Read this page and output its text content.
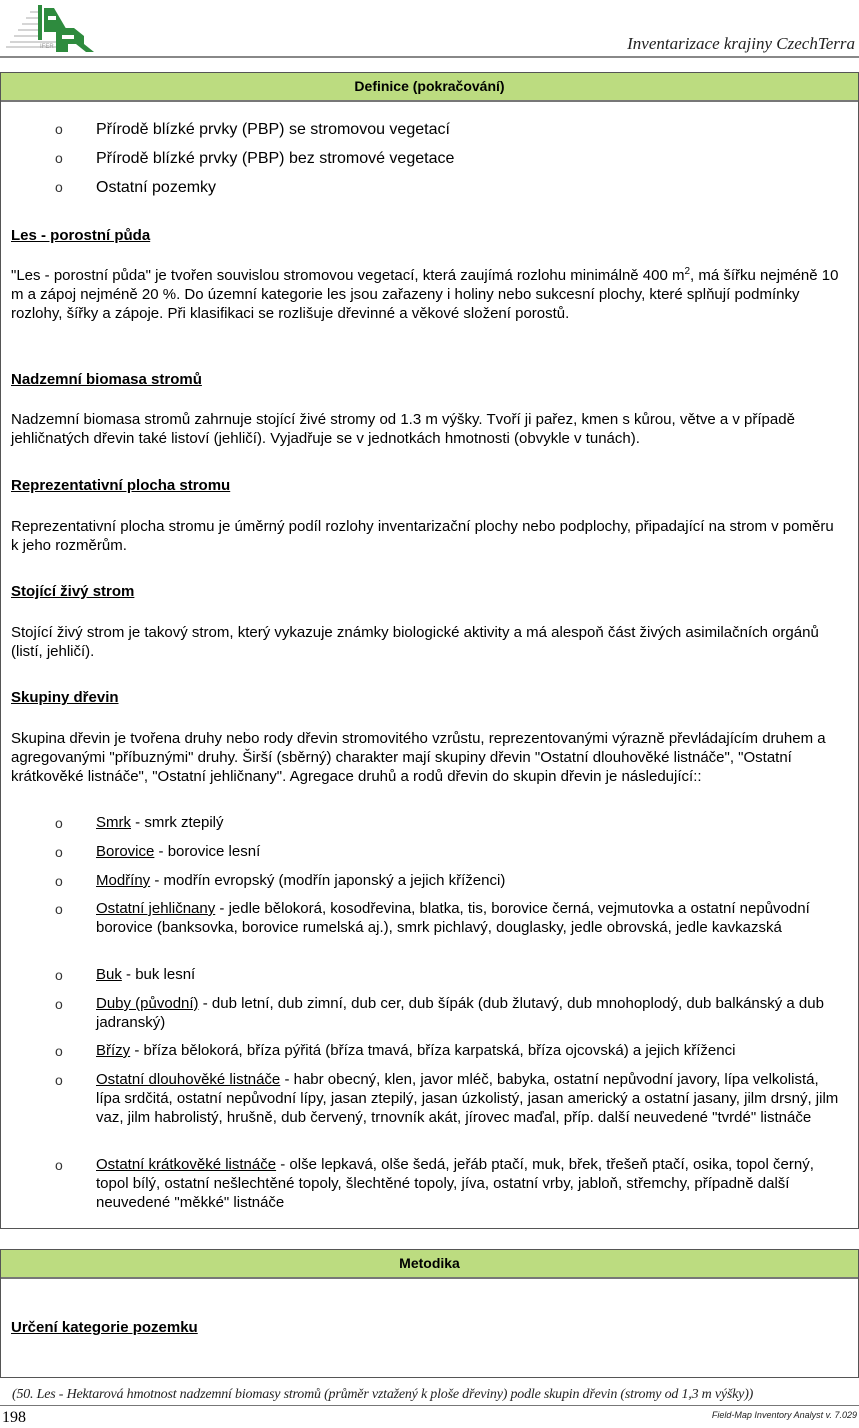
IFER	Inventarizace krajiny CzechTerra
Definice (pokračování)
o Přírodě blízké prvky (PBP) se stromovou vegetací
o Přírodě blízké prvky (PBP) bez stromové vegetace
o Ostatní pozemky
Les - porostní půda
"Les - porostní půda" je tvořen souvislou stromovou vegetací, která zaujímá rozlohu minimálně 400 $m^2$, má šířku nejméně 10 m a zápoj nejméně 20 %. Do územní kategorie les jsou zařazeny i holiny nebo sukcesní plochy, které splňují podmínky rozlohy, šířky a zápoje. Při klasifikaci se rozlišuje dřevinné a věkové složení porostů.
Nadzemní biomasa stromů
Nadzemní biomasa stromů zahrnuje stojící živé stromy od 1.3 m výšky. Tvoří ji pařez, kmen s kůrou, větve a v případě jehličnatých dřevin také listoví (jehličí). Vyjadřuje se v jednotkách hmotnosti (obvykle v tunách).
Reprezentativní plocha stromu
Reprezentativní plocha stromu je úměrný podíl rozlohy inventarizační plochy nebo podplochy, připadající na strom v poměru k jeho rozměrům.
Stojící živý strom
Stojící živý strom je takový strom, který vykazuje známky biologické aktivity a má alespoň část živých asimilačních orgánů (listí, jehličí).
Skupiny dřevin
Skupina dřevin je tvořena druhy nebo rody dřevin stromovitého vzrůstu, reprezentovanými výrazně převládajícím druhem a agregovanými "příbuznými" druhy. Širší (sběrný) charakter mají skupiny dřevin "Ostatní dlouhověké listnáče", "Ostatní krátkověké listnáče", "Ostatní jehličnany". Agregace druhů a rodů dřevin do skupin dřevin je následující::
o Smrk - smrk ztepilý
o Borovice - borovice lesní
o Modříny - modřín evropský (modřín japonský a jejich kříženci)
o Ostatní jehličnany - jedle bělokorá, kosodřevina, blatka, tis, borovice černá, vejmutovka a ostatní nepůvodní borovice (banksovka, borovice rumelská aj.), smrk pichlavý, douglasky, jedle obrovská, jedle kavkazská
o Buk - buk lesní
o Duby (původní) - dub letní, dub zimní, dub cer, dub šípák (dub žlutavý, dub mnohoplodý, dub balkánský a dub jadranský)
o Břízy - bříza bělokorá, bříza pýřitá (bříza tmavá, bříza karpatská, bříza ojcovská) a jejich kříženci
o Ostatní dlouhověké listnáče - habr obecný, klen, javor mléč, babyka, ostatní nepůvodní javory, lípa velkolistá, lípa srdčitá, ostatní nepůvodní lípy, jasan ztepilý, jasan úzkolistý, jasan americký a ostatní jasany, jilm drsný, jilm vaz, jilm habrolistý, hrušně, dub červený, trnovník akát, jírovec maďal, příp. další neuvedené "tvrdé" listnáče
o Ostatní krátkověké listnáče - olše lepkavá, olše šedá, jeřáb ptačí, muk, břek, třešeň ptačí, osika, topol černý, topol bílý, ostatní nešlechtěné topoly, šlechtěné topoly, jíva, ostatní vrby, jabloň, střemchy, případně další neuvedené "měkké" listnáče
Metodika
Určení kategorie pozemku
(50. Les - Hektarová hmotnost nadzemní biomasy stromů (průměr vztažený k ploše dřeviny) podle skupin dřevin (stromy od 1,3 m výšky))
198	Field-Map Inventory Analyst v. 7.029
